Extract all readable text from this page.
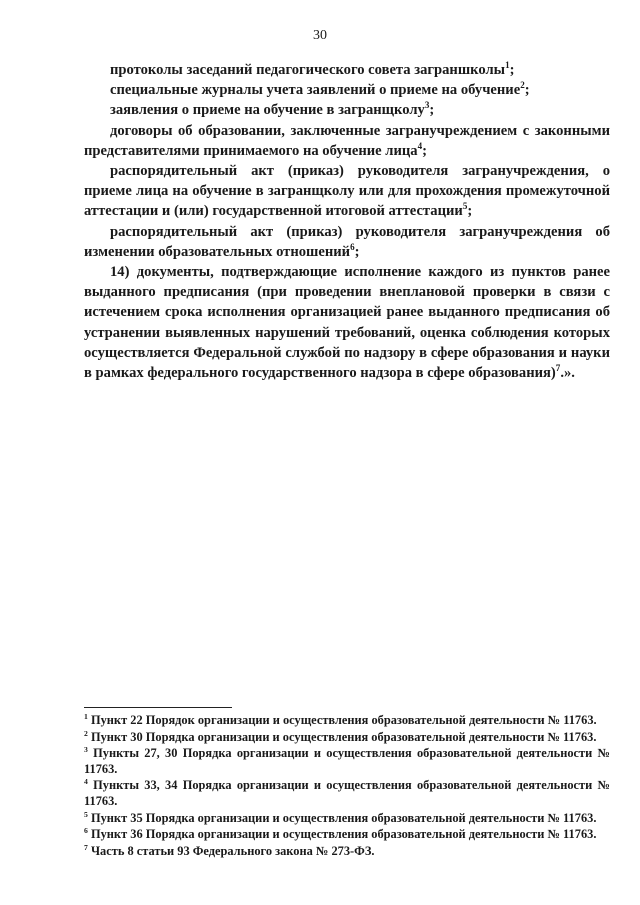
30

протоколы заседаний педагогического совета заграншколы$^1$;

специальные журналы учета заявлений о приеме на обучение$^2$;

заявления о приеме на обучение в загранщколу$^3$;

договоры об образовании, заключенные загранучреждением с законными представителями принимаемого на обучение лица$^4$;

распорядительный акт (приказ) руководителя загранучреждения, о приеме лица на обучение в загранщколу или для прохождения промежуточной аттестации и (или) государственной итоговой аттестации$^5$;

распорядительный акт (приказ) руководителя загранучреждения об изменении образовательных отношений$^6$;

14) документы, подтверждающие исполнение каждого из пунктов ранее выданного предписания (при проведении внеплановой проверки в связи с истечением срока исполнения организацией ранее выданного предписания об устранении выявленных нарушений требований, оценка соблюдения которых осуществляется Федеральной службой по надзору в сфере образования и науки в рамках федерального государственного надзора в сфере образования)$^7$.».

$^1$ Пункт 22 Порядок организации и осуществления образовательной деятельности № 11763.

$^2$ Пункт 30 Порядка организации и осуществления образовательной деятельности № 11763.

$^3$ Пункты 27, 30 Порядка организации и осуществления образовательной деятельности № 11763.

$^4$ Пункты 33, 34 Порядка организации и осуществления образовательной деятельности № 11763.

$^5$ Пункт 35 Порядка организации и осуществления образовательной деятельности № 11763.

$^6$ Пункт 36 Порядка организации и осуществления образовательной деятельности № 11763.

$^7$ Часть 8 статьи 93 Федерального закона № 273-ФЗ.
